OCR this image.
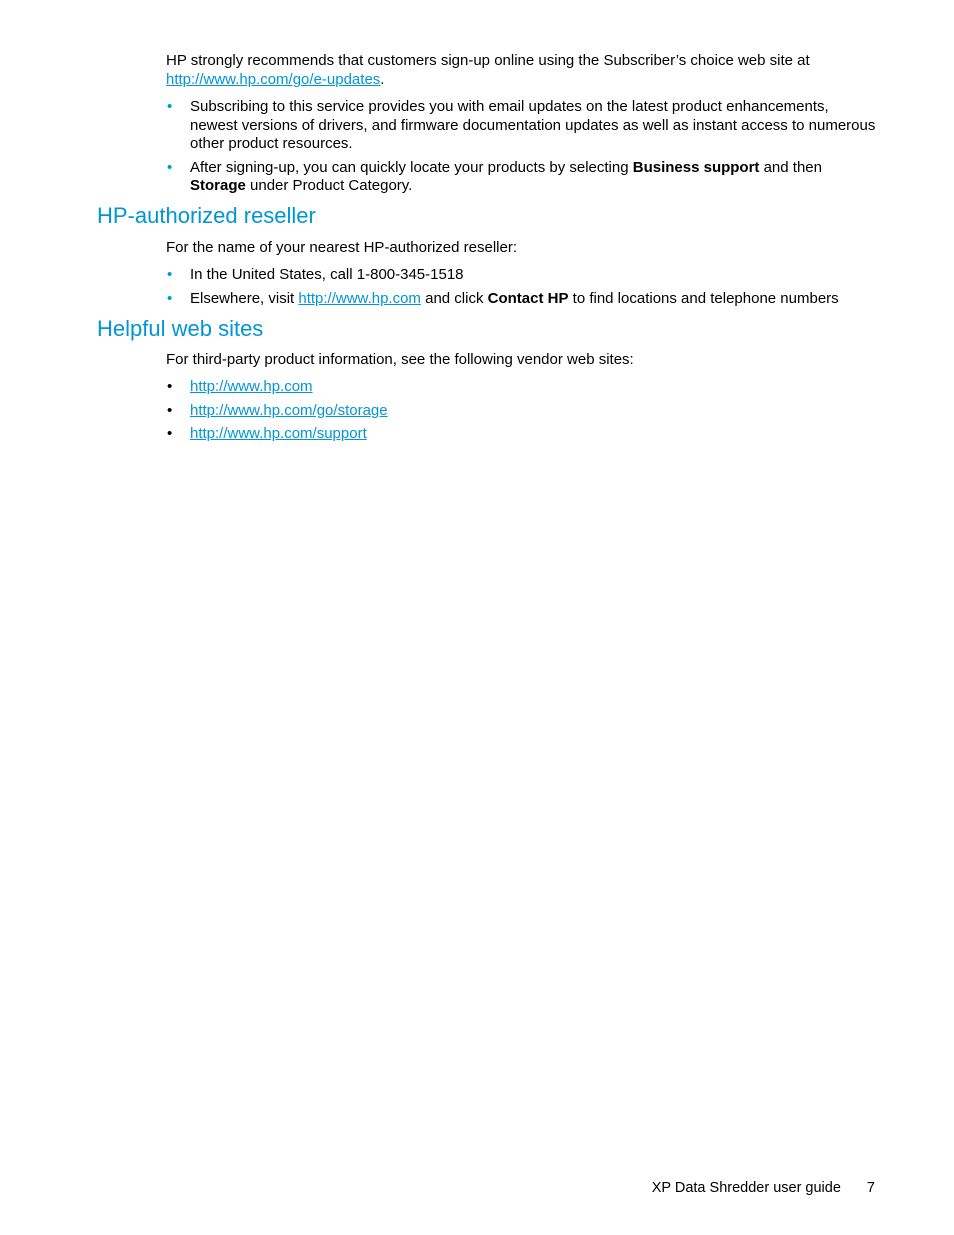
HP strongly recommends that customers sign-up online using the Subscriber’s choice web site at
http://www.hp.com/go/e-updates.

• Subscribing to this service provides you with email updates on the latest product enhancements, newest versions of drivers, and firmware documentation updates as well as instant access to numerous other product resources.
• After signing-up, you can quickly locate your products by selecting Business support and then Storage under Product Category.
HP-authorized reseller

For the name of your nearest HP-authorized reseller:

• In the United States, call 1-800-345-1518
• Elsewhere, visit http://www.hp.com and click Contact HP to find locations and telephone numbers
Helpful web sites

For third-party product information, see the following vendor web sites:

• http://www.hp.com
• http://www.hp.com/go/storage
• http://www.hp.com/support
XP Data Shredder user guide 7
